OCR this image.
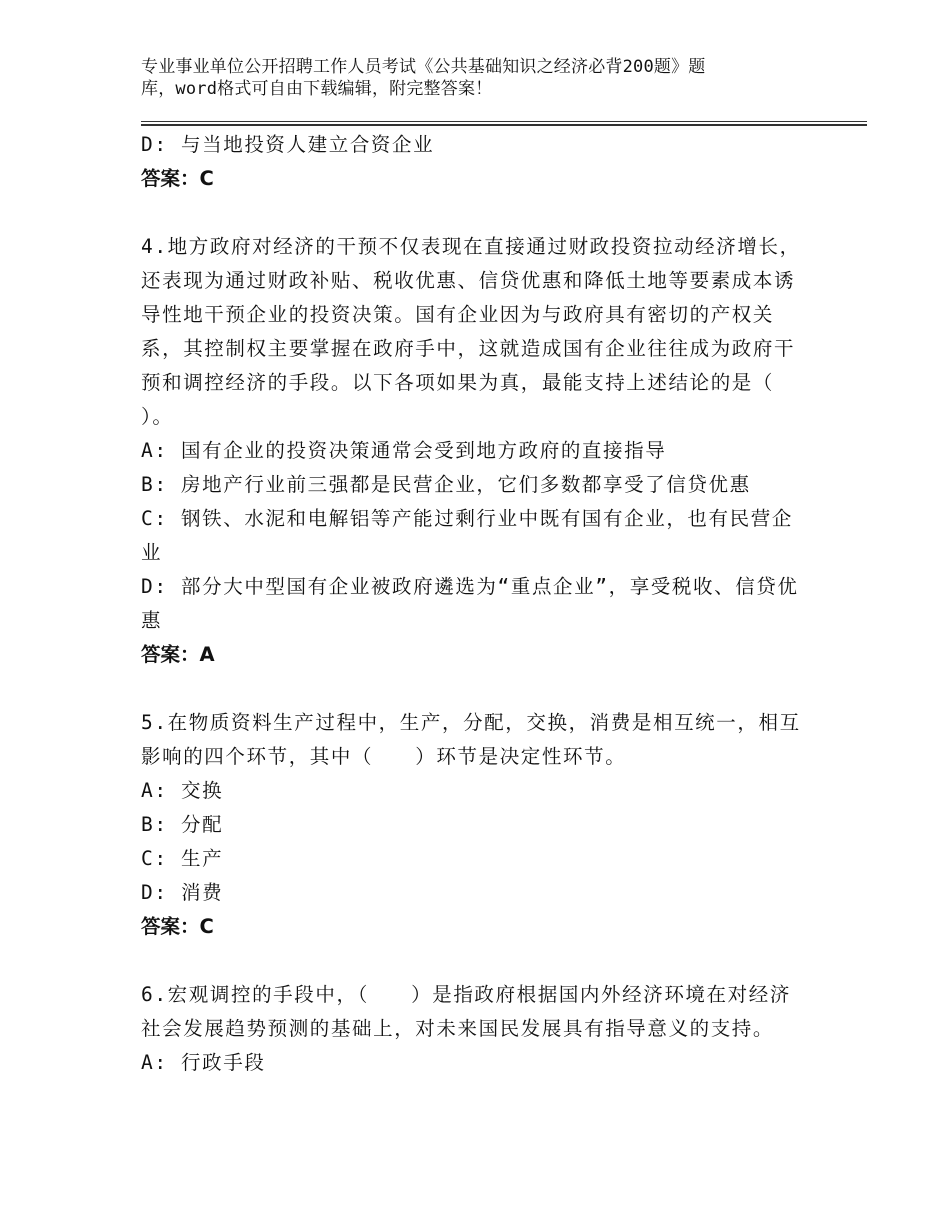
专业事业单位公开招聘工作人员考试《公共基础知识之经济必背200题》题
库，word格式可自由下载编辑，附完整答案！
D: 与当地投资人建立合资企业
答案：C
4.地方政府对经济的干预不仅表现在直接通过财政投资拉动经济增长，还表现为通过财政补贴、税收优惠、信贷优惠和降低土地等要素成本诱导性地干预企业的投资决策。国有企业因为与政府具有密切的产权关系，其控制权主要掌握在政府手中，这就造成国有企业往往成为政府干预和调控经济的手段。以下各项如果为真，最能支持上述结论的是（　　）。
A: 国有企业的投资决策通常会受到地方政府的直接指导
B: 房地产行业前三强都是民营企业，它们多数都享受了信贷优惠
C: 钢铁、水泥和电解铝等产能过剩行业中既有国有企业，也有民营企业
D: 部分大中型国有企业被政府遴选为“重点企业”，享受税收、信贷优惠
答案：A
5.在物质资料生产过程中，生产，分配，交换，消费是相互统一，相互影响的四个环节，其中（　　）环节是决定性环节。
A: 交换
B: 分配
C: 生产
D: 消费
答案：C
6.宏观调控的手段中，（　　）是指政府根据国内外经济环境在对经济社会发展趋势预测的基础上，对未来国民发展具有指导意义的支持。
A: 行政手段
